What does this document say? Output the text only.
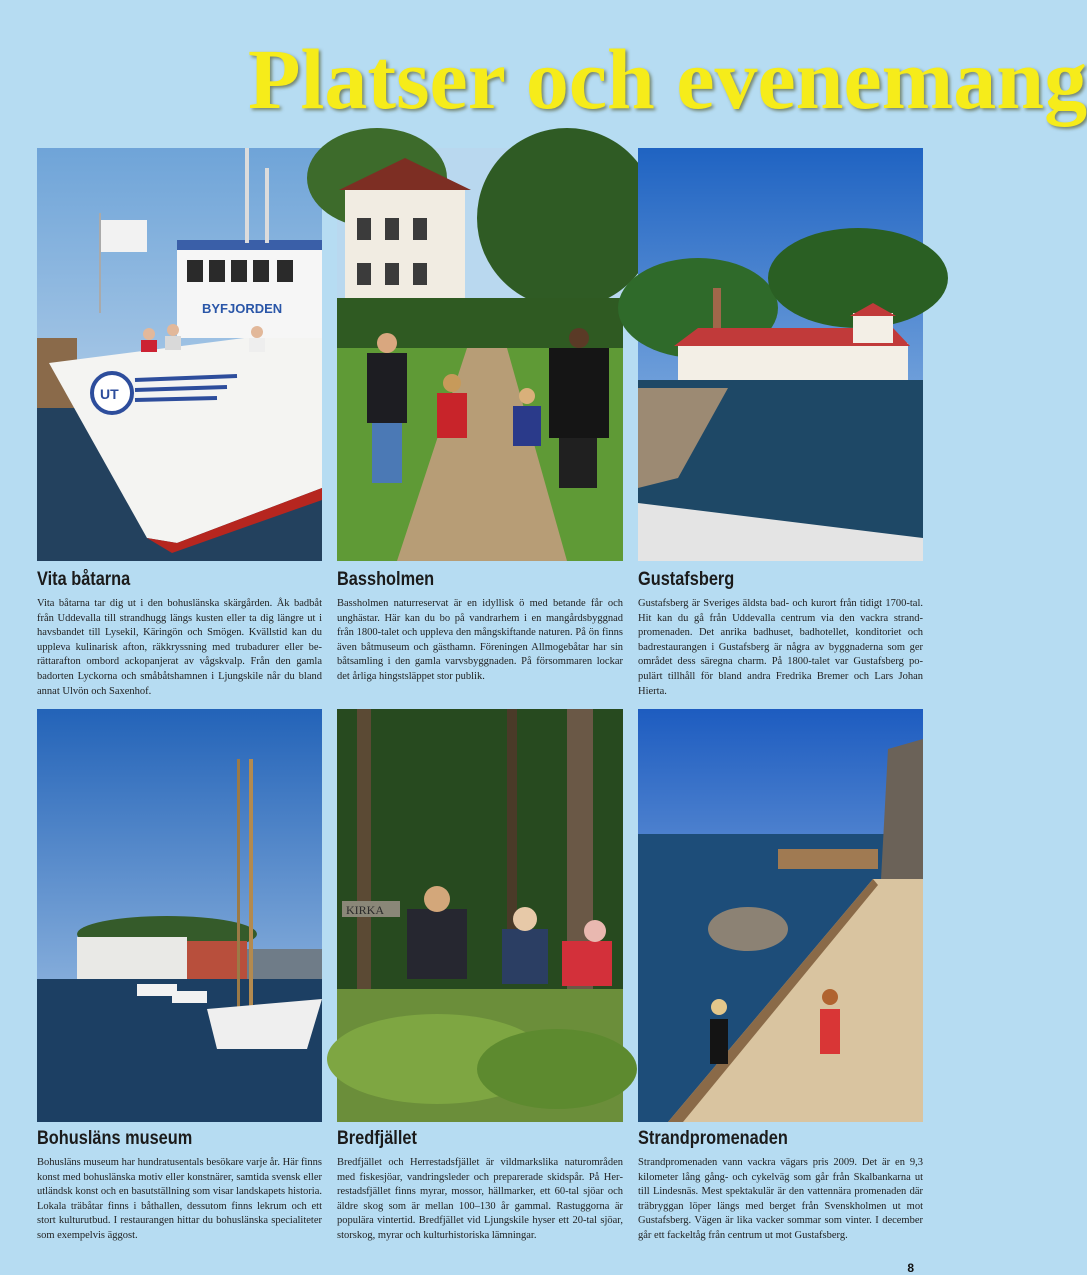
Platser och evenemang
BYFJORDEN
UT
Vita båtarna
Vita båtarna tar dig ut i den bohuslänska skärgården. Åk badbåt från Uddevalla till strandhugg längs kusten eller ta dig längre ut i havsbandet till Lysekil, Käringön och Smögen. Kvällstid kan du uppleva kulinarisk afton, räkkryssning med trubadurer eller berättarafton ombord ackopanjerat av vågskvalp. Från den gamla badorten Lyckorna och småbåtshamnen i Ljungskile når du bland annat Ulvön och Saxenhof.
Bassholmen
Bassholmen naturreservat är en idyllisk ö med betande får och unghästar. Här kan du bo på vandrarhem i en mangårdsbyggnad från 1800-talet och uppleva den mångskiftande naturen. På ön finns även båtmuseum och gästhamn. Föreningen Allmogebåtar har sin båtsamling i den gamla varvsbyggnaden. På försommaren lockar det årliga hingstsläppet stor publik.
Gustafsberg
Gustafsberg är Sveriges äldsta bad- och kurort från tidigt 1700-tal. Hit kan du gå från Uddevalla centrum via den vackra strandpromenaden. Det anrika badhuset, badhotellet, konditoriet och badrestaurangen i Gustafsberg är några av byggnaderna som ger området dess säregna charm. På 1800-talet var Gustafsberg populärt tillhåll för bland andra Fredrika Bremer och Lars Johan Hierta.
KIRKA
Bohusläns museum
Bohusläns museum har hundratusentals besökare varje år. Här finns konst med bohuslänska motiv eller konstnärer, samtida svensk eller utländsk konst och en basutställning som visar landskapets historia. Lokala träbåtar finns i båthallen, dessutom finns lekrum och ett stort kulturutbud. I restaurangen hittar du bohuslänska specialiteter som exempelvis äggost.
Bredfjället
Bredfjället och Herrestadsfjället är vildmarkslika naturområden med fiskesjöar, vandringsleder och preparerade skidspår. På Herrestadsfjället finns myrar, mossor, hällmarker, ett 60-tal sjöar och äldre skog som är mellan 100–130 år gammal. Rastuggorna är populära vintertid. Bredfjället vid Ljungskile hyser ett 20-tal sjöar, storskog, myrar och kulturhistoriska lämningar.
Strandpromenaden
Strandpromenaden vann vackra vägars pris 2009. Det är en 9,3 kilometer lång gång- och cykelväg som går från Skalbankarna ut till Lindesnäs. Mest spektakulär är den vattennära promenaden där träbryggan löper längs med berget från Svenskholmen ut mot Gustafsberg. Vägen är lika vacker sommar som vinter. I december går ett fackeltåg från centrum ut mot Gustafsberg.
8
